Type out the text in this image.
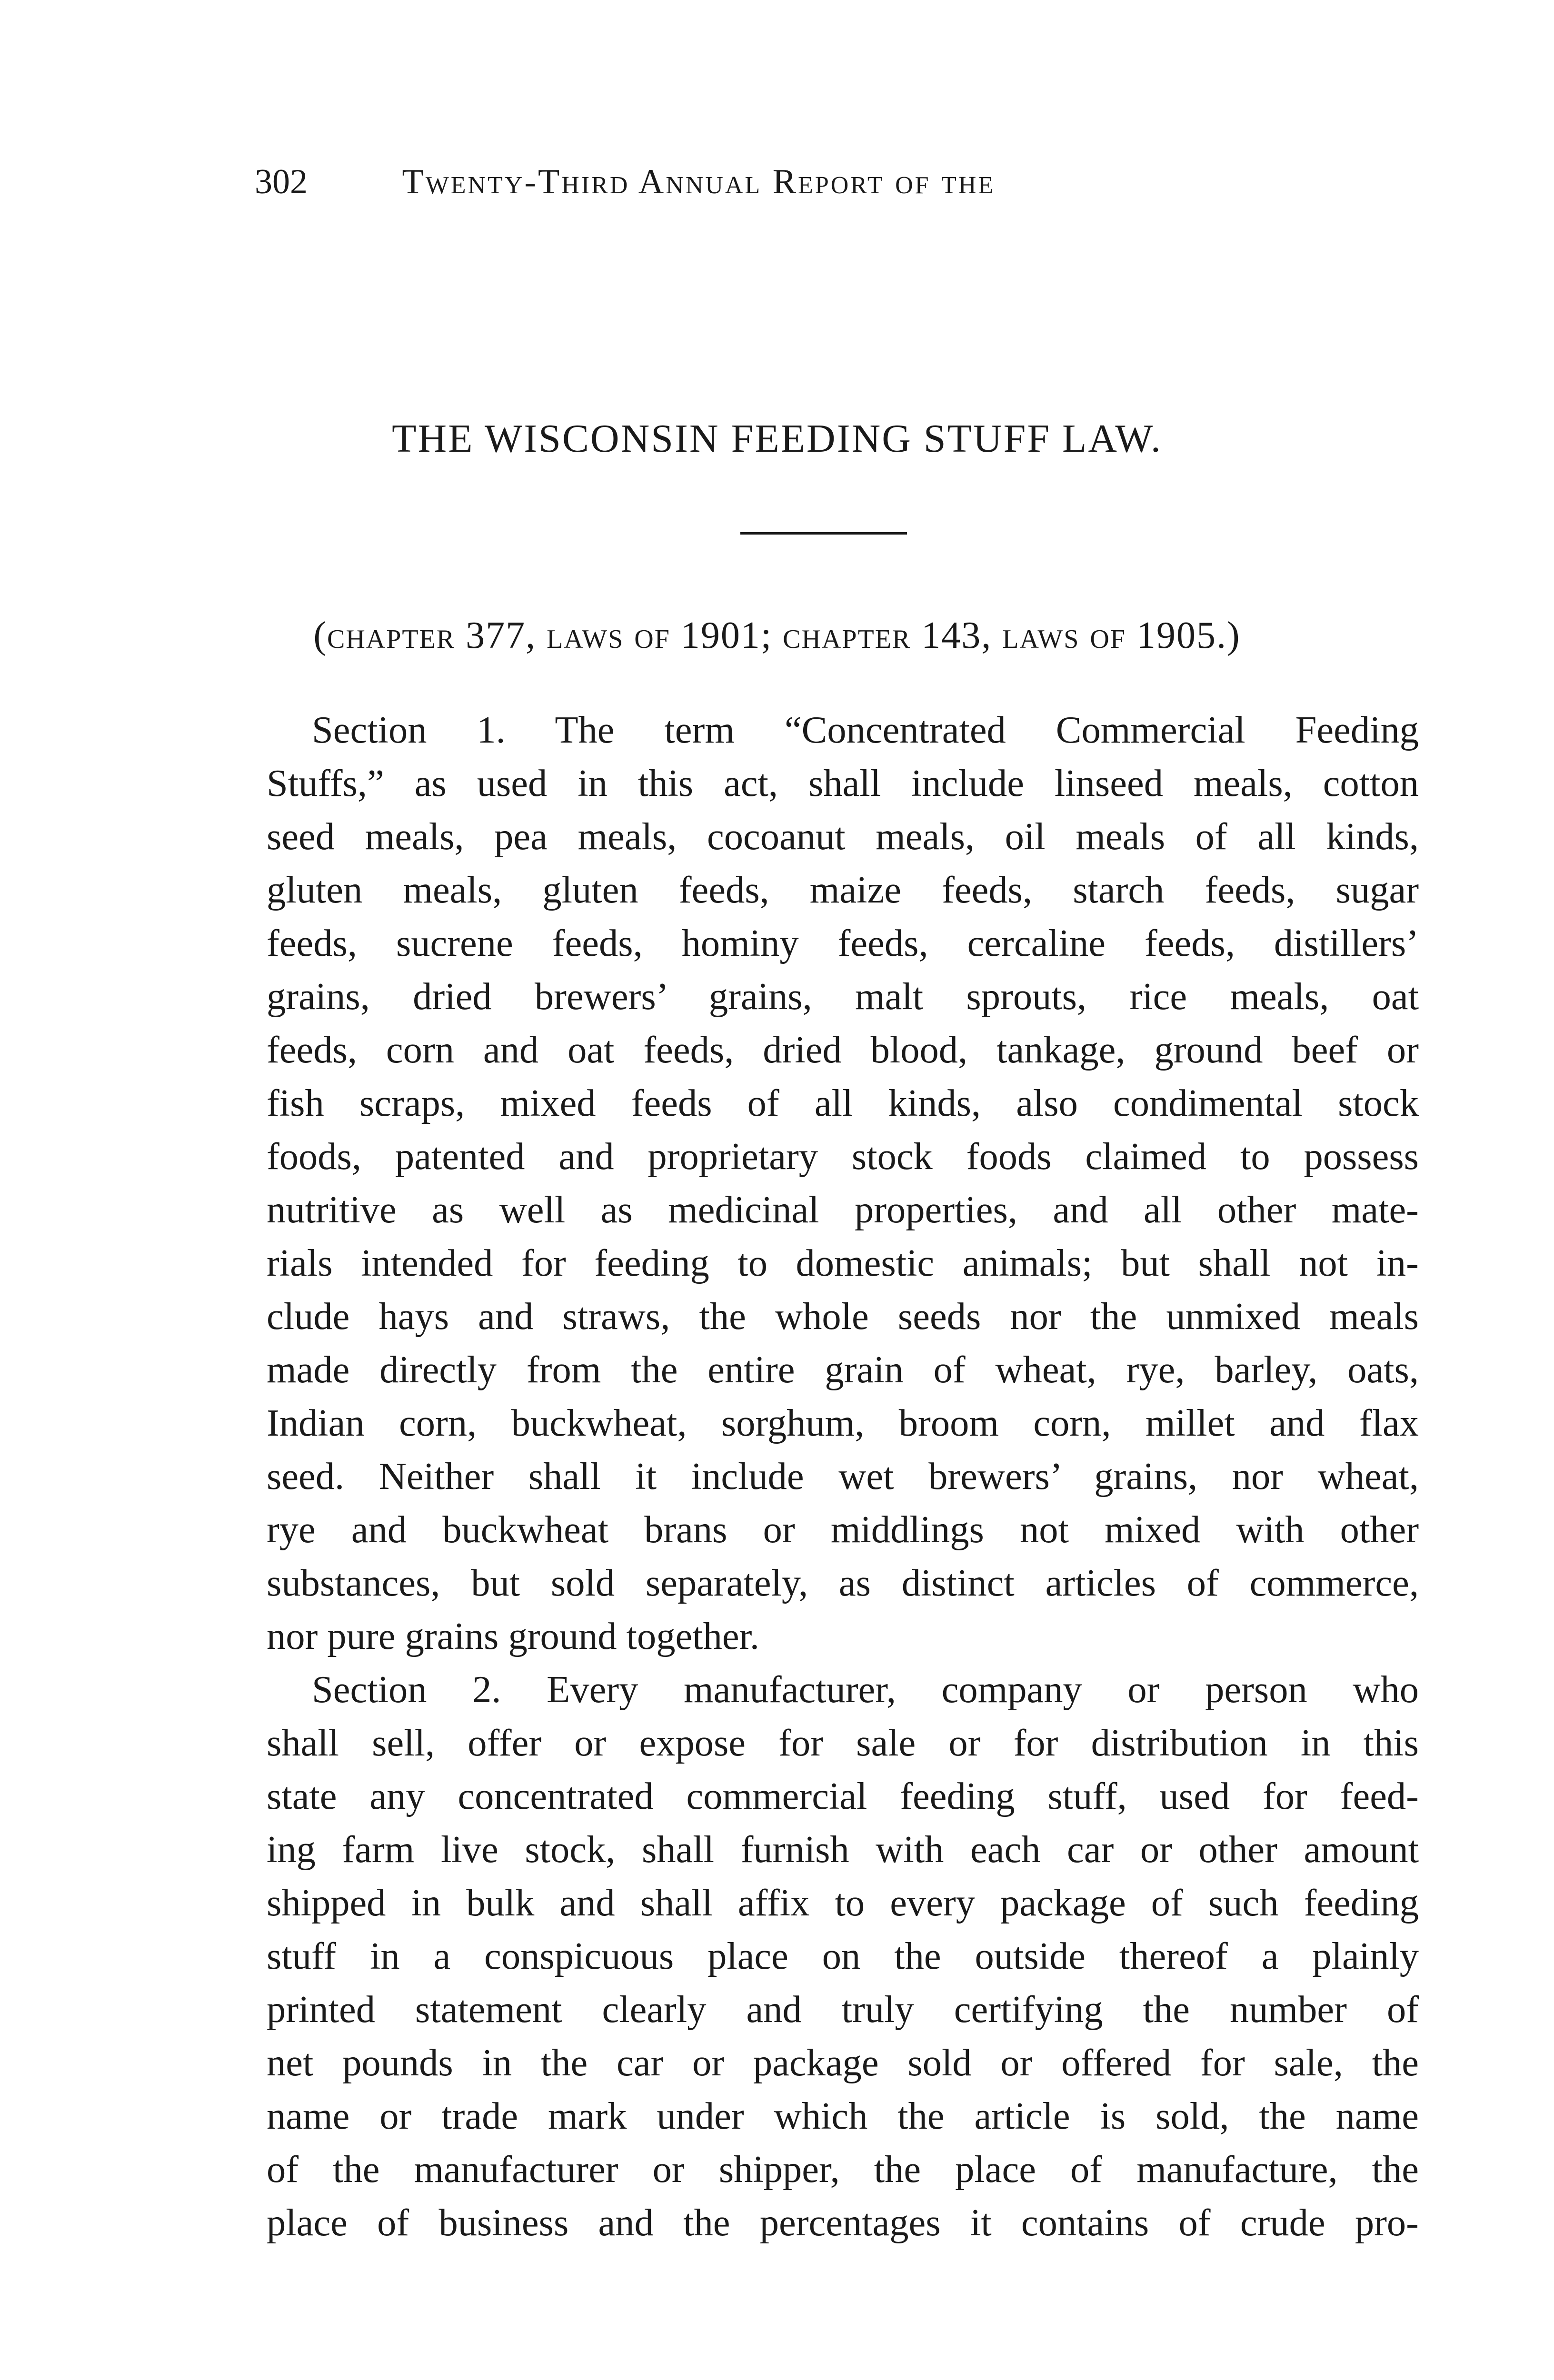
302	Twenty-Third Annual Report of the
THE WISCONSIN FEEDING STUFF LAW.
(chapter 377, laws of 1901; chapter 143, laws of 1905.)
Section 1. The term “Concentrated Commercial Feeding
Stuffs,” as used in this act, shall include linseed meals, cotton
seed meals, pea meals, cocoanut meals, oil meals of all kinds,
gluten meals, gluten feeds, maize feeds, starch feeds, sugar
feeds, sucrene feeds, hominy feeds, cercaline feeds, distillers’
grains, dried brewers’ grains, malt sprouts, rice meals, oat
feeds, corn and oat feeds, dried blood, tankage, ground beef or
fish scraps, mixed feeds of all kinds, also condimental stock
foods, patented and proprietary stock foods claimed to possess
nutritive as well as medicinal properties, and all other mate-
rials intended for feeding to domestic animals; but shall not in-
clude hays and straws, the whole seeds nor the unmixed meals
made directly from the entire grain of wheat, rye, barley, oats,
Indian corn, buckwheat, sorghum, broom corn, millet and flax
seed. Neither shall it include wet brewers’ grains, nor wheat,
rye and buckwheat brans or middlings not mixed with other
substances, but sold separately, as distinct articles of commerce,
nor pure grains ground together.
Section 2. Every manufacturer, company or person who
shall sell, offer or expose for sale or for distribution in this
state any concentrated commercial feeding stuff, used for feed-
ing farm live stock, shall furnish with each car or other amount
shipped in bulk and shall affix to every package of such feeding
stuff in a conspicuous place on the outside thereof a plainly
printed statement clearly and truly certifying the number of
net pounds in the car or package sold or offered for sale, the
name or trade mark under which the article is sold, the name
of the manufacturer or shipper, the place of manufacture, the
place of business and the percentages it contains of crude pro-
